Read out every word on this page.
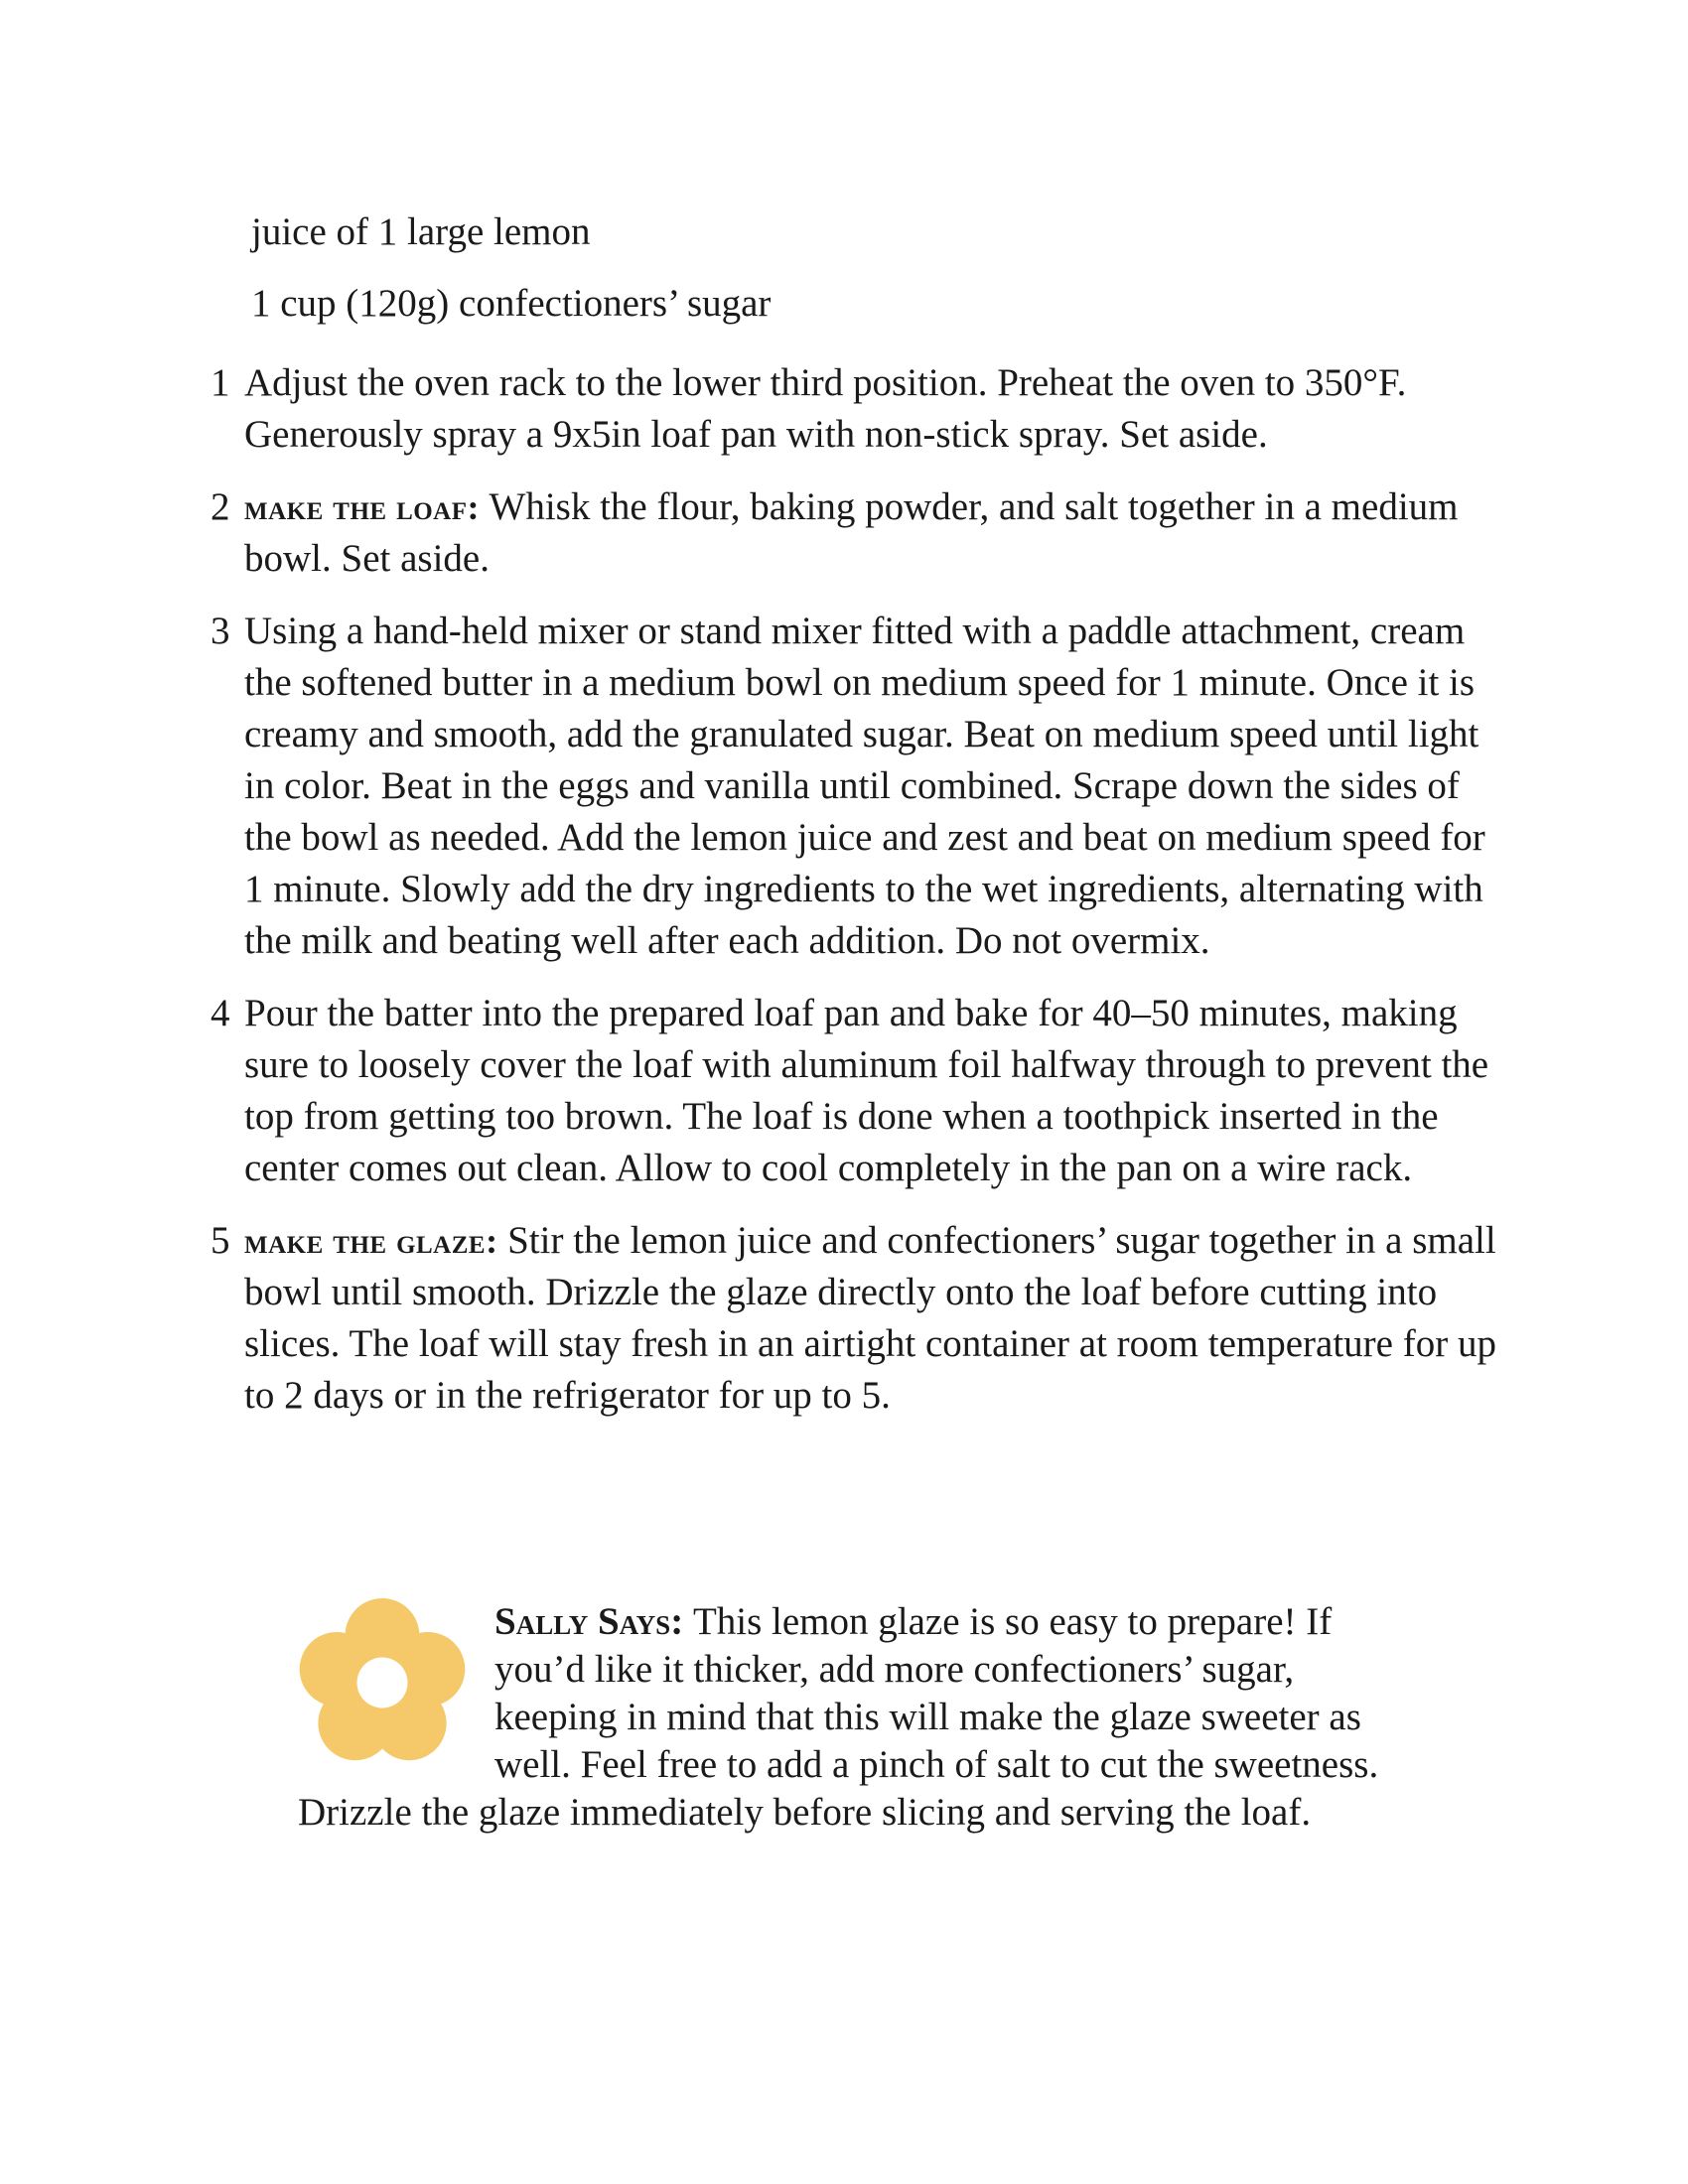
juice of 1 large lemon
1 cup (120g) confectioners’ sugar
1 Adjust the oven rack to the lower third position. Preheat the oven to 350°F. Generously spray a 9x5in loaf pan with non-stick spray. Set aside.
2 make the loaf: Whisk the flour, baking powder, and salt together in a medium bowl. Set aside.
3 Using a hand-held mixer or stand mixer fitted with a paddle attachment, cream the softened butter in a medium bowl on medium speed for 1 minute. Once it is creamy and smooth, add the granulated sugar. Beat on medium speed until light in color. Beat in the eggs and vanilla until combined. Scrape down the sides of the bowl as needed. Add the lemon juice and zest and beat on medium speed for 1 minute. Slowly add the dry ingredients to the wet ingredients, alternating with the milk and beating well after each addition. Do not overmix.
4 Pour the batter into the prepared loaf pan and bake for 40–50 minutes, making sure to loosely cover the loaf with aluminum foil halfway through to prevent the top from getting too brown. The loaf is done when a toothpick inserted in the center comes out clean. Allow to cool completely in the pan on a wire rack.
5 make the glaze: Stir the lemon juice and confectioners’ sugar together in a small bowl until smooth. Drizzle the glaze directly onto the loaf before cutting into slices. The loaf will stay fresh in an airtight container at room temperature for up to 2 days or in the refrigerator for up to 5.
Sally Says: This lemon glaze is so easy to prepare! If you’d like it thicker, add more confectioners’ sugar, keeping in mind that this will make the glaze sweeter as well. Feel free to add a pinch of salt to cut the sweetness. Drizzle the glaze immediately before slicing and serving the loaf.
